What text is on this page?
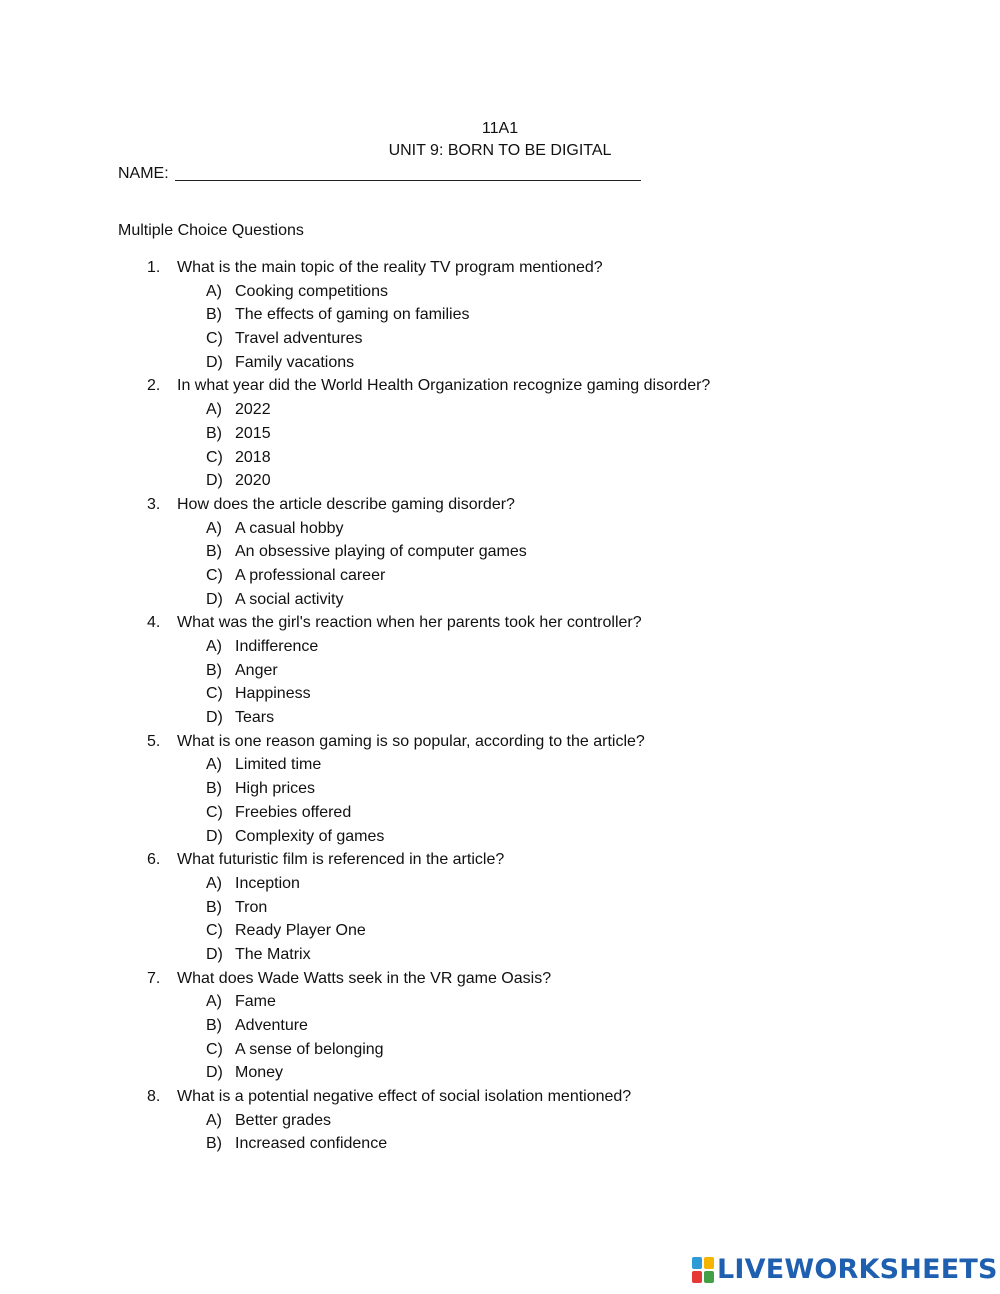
11A1
UNIT 9: BORN TO BE DIGITAL
NAME:
Multiple Choice Questions
1. What is the main topic of the reality TV program mentioned?
A) Cooking competitions
B) The effects of gaming on families
C) Travel adventures
D) Family vacations
2. In what year did the World Health Organization recognize gaming disorder?
A) 2022
B) 2015
C) 2018
D) 2020
3. How does the article describe gaming disorder?
A) A casual hobby
B) An obsessive playing of computer games
C) A professional career
D) A social activity
4. What was the girl's reaction when her parents took her controller?
A) Indifference
B) Anger
C) Happiness
D) Tears
5. What is one reason gaming is so popular, according to the article?
A) Limited time
B) High prices
C) Freebies offered
D) Complexity of games
6. What futuristic film is referenced in the article?
A) Inception
B) Tron
C) Ready Player One
D) The Matrix
7. What does Wade Watts seek in the VR game Oasis?
A) Fame
B) Adventure
C) A sense of belonging
D) Money
8. What is a potential negative effect of social isolation mentioned?
A) Better grades
B) Increased confidence
LIVEWORKSHEETS
